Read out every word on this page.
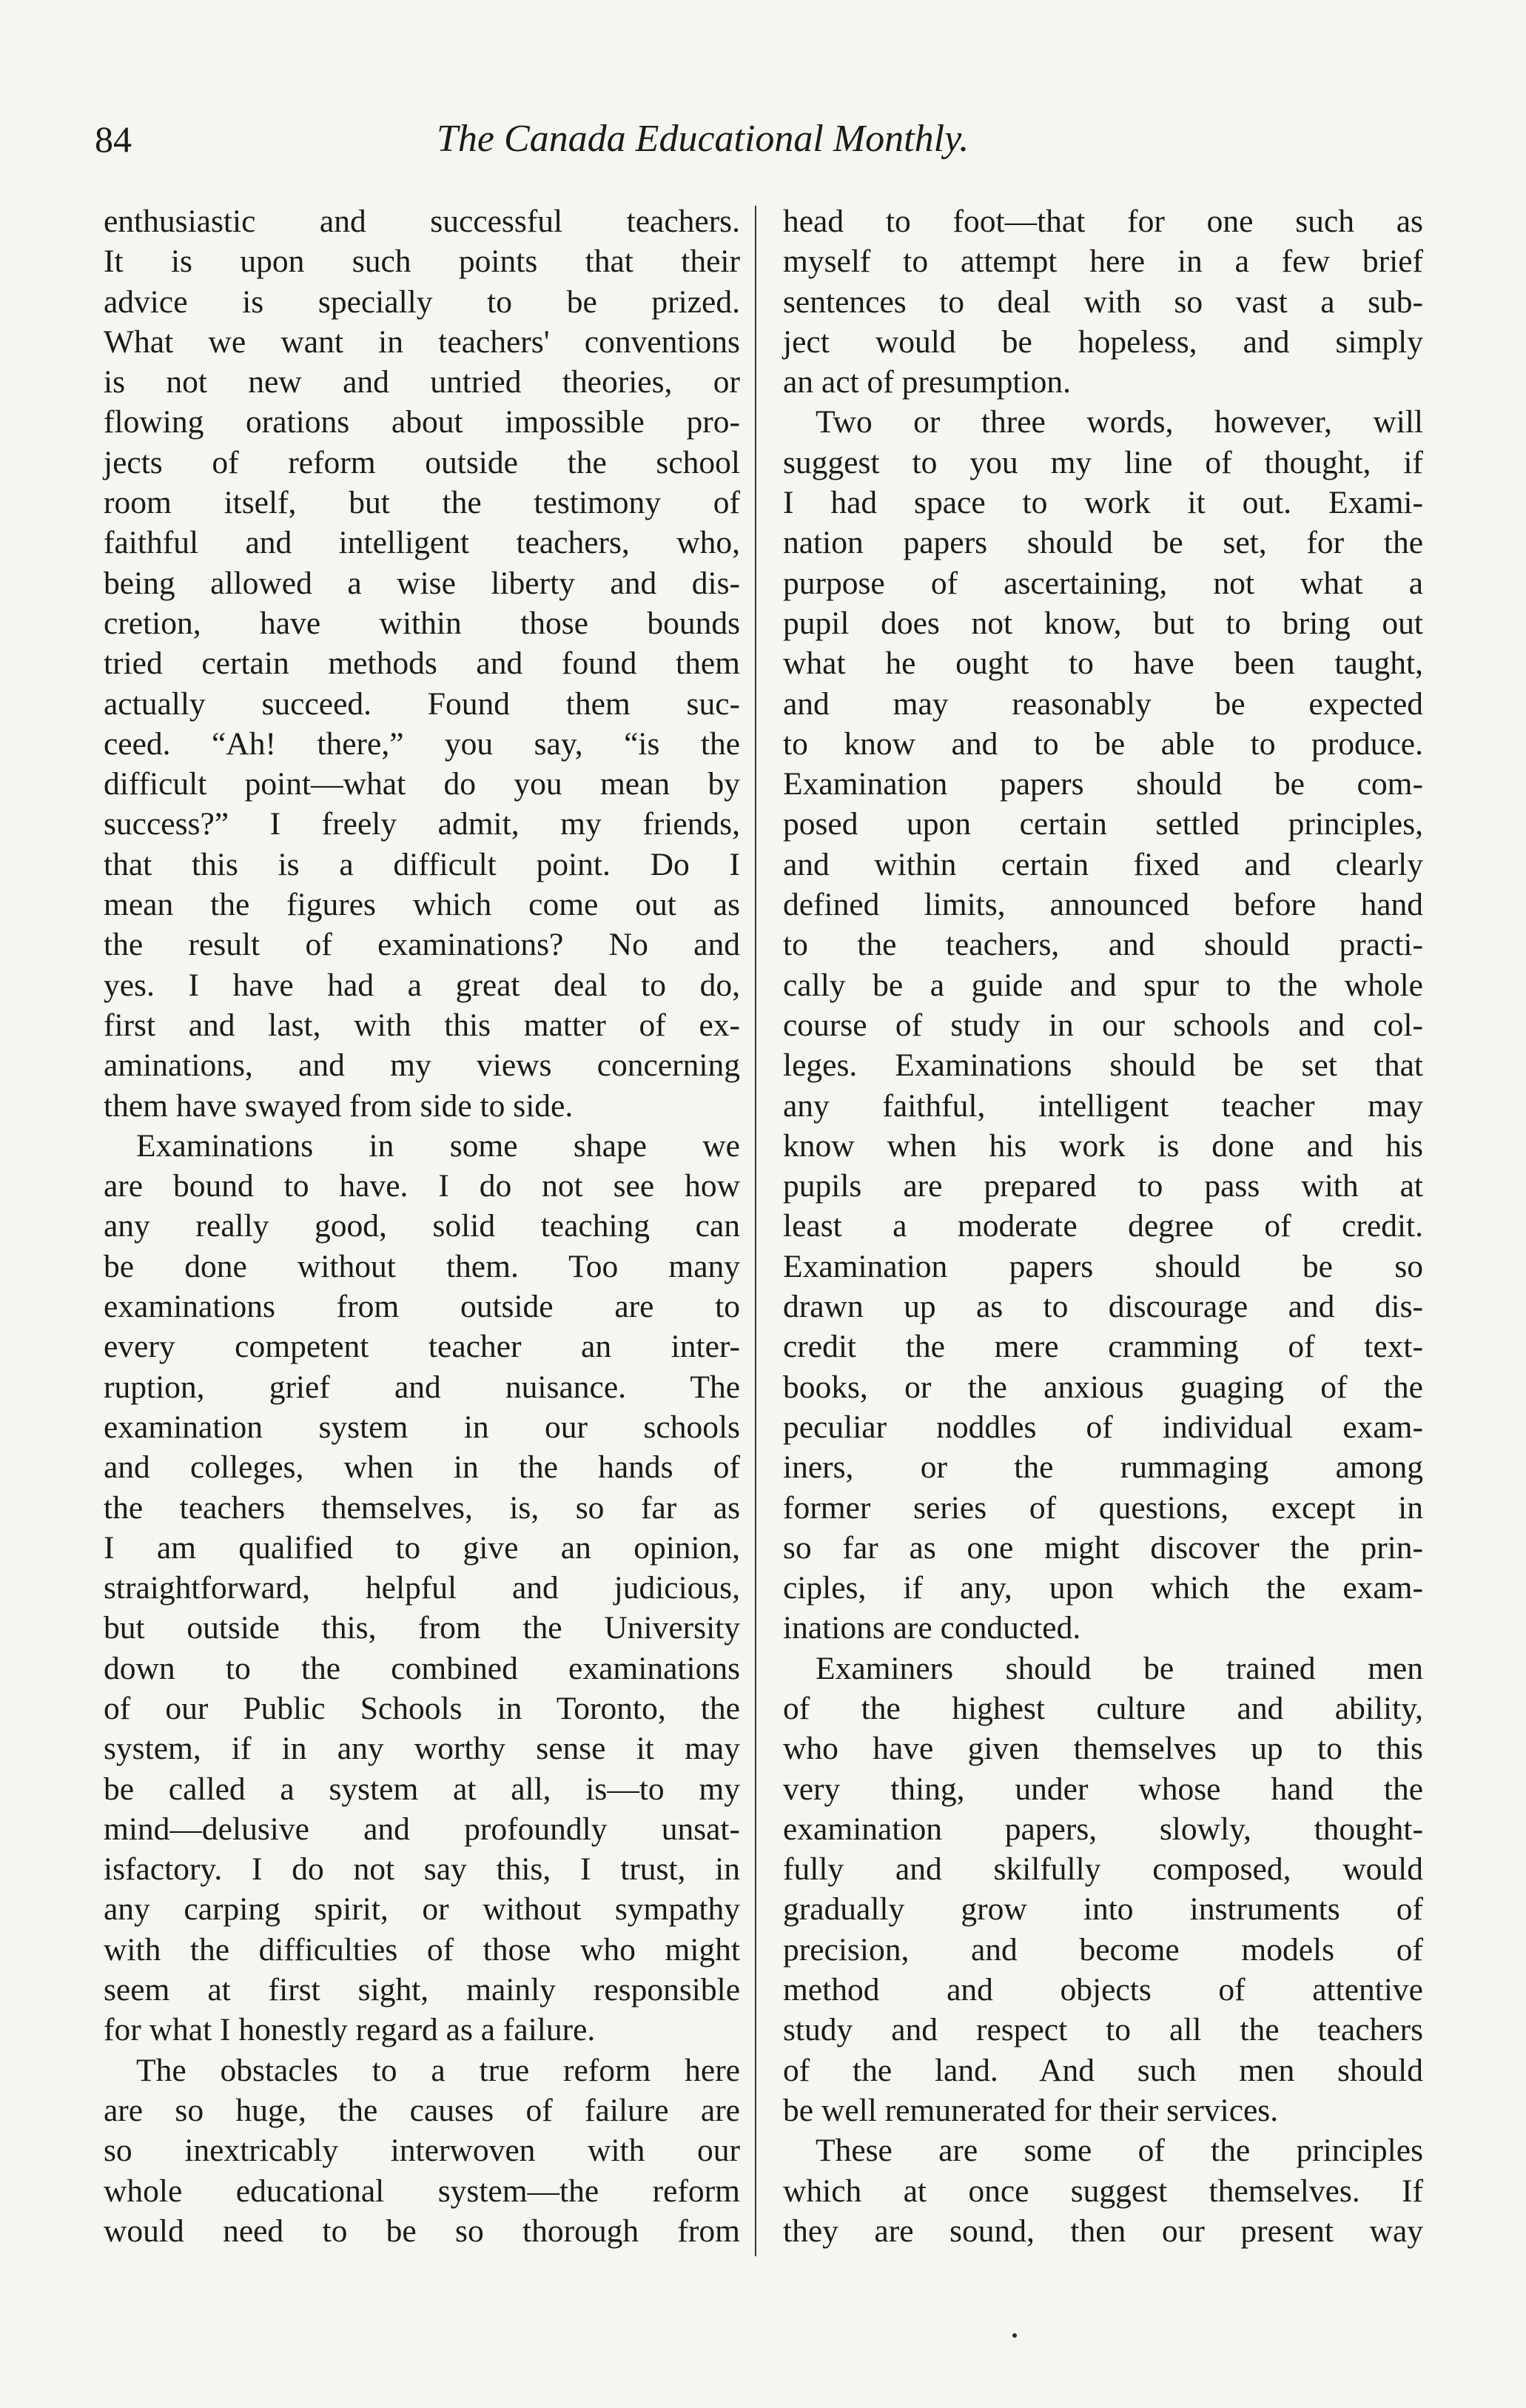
84	The Canada Educational Monthly.
enthusiastic and successful teachers.
It is upon such points that their
advice is specially to be prized.
What we want in teachers' conventions
is not new and untried theories, or
flowing orations about impossible pro-
jects of reform outside the school
room itself, but the testimony of
faithful and intelligent teachers, who,
being allowed a wise liberty and dis-
cretion, have within those bounds
tried certain methods and found them
actually succeed. Found them suc-
ceed. “Ah! there,” you say, “is the
difficult point—what do you mean by
success?” I freely admit, my friends,
that this is a difficult point. Do I
mean the figures which come out as
the result of examinations? No and
yes. I have had a great deal to do,
first and last, with this matter of ex-
aminations, and my views concerning
them have swayed from side to side.
Examinations in some shape we
are bound to have. I do not see how
any really good, solid teaching can
be done without them. Too many
examinations from outside are to
every competent teacher an inter-
ruption, grief and nuisance. The
examination system in our schools
and colleges, when in the hands of
the teachers themselves, is, so far as
I am qualified to give an opinion,
straightforward, helpful and judicious,
but outside this, from the University
down to the combined examinations
of our Public Schools in Toronto, the
system, if in any worthy sense it may
be called a system at all, is—to my
mind—delusive and profoundly unsat-
isfactory. I do not say this, I trust, in
any carping spirit, or without sympathy
with the difficulties of those who might
seem at first sight, mainly responsible
for what I honestly regard as a failure.
The obstacles to a true reform here
are so huge, the causes of failure are
so inextricably interwoven with our
whole educational system—the reform
would need to be so thorough from
head to foot—that for one such as
myself to attempt here in a few brief
sentences to deal with so vast a sub-
ject would be hopeless, and simply
an act of presumption.
Two or three words, however, will
suggest to you my line of thought, if
I had space to work it out. Exami-
nation papers should be set, for the
purpose of ascertaining, not what a
pupil does not know, but to bring out
what he ought to have been taught,
and may reasonably be expected
to know and to be able to produce.
Examination papers should be com-
posed upon certain settled principles,
and within certain fixed and clearly
defined limits, announced before hand
to the teachers, and should practi-
cally be a guide and spur to the whole
course of study in our schools and col-
leges. Examinations should be set that
any faithful, intelligent teacher may
know when his work is done and his
pupils are prepared to pass with at
least a moderate degree of credit.
Examination papers should be so
drawn up as to discourage and dis-
credit the mere cramming of text-
books, or the anxious guaging of the
peculiar noddles of individual exam-
iners, or the rummaging among
former series of questions, except in
so far as one might discover the prin-
ciples, if any, upon which the exam-
inations are conducted.
Examiners should be trained men
of the highest culture and ability,
who have given themselves up to this
very thing, under whose hand the
examination papers, slowly, thought-
fully and skilfully composed, would
gradually grow into instruments of
precision, and become models of
method and objects of attentive
study and respect to all the teachers
of the land. And such men should
be well remunerated for their services.
These are some of the principles
which at once suggest themselves. If
they are sound, then our present way
